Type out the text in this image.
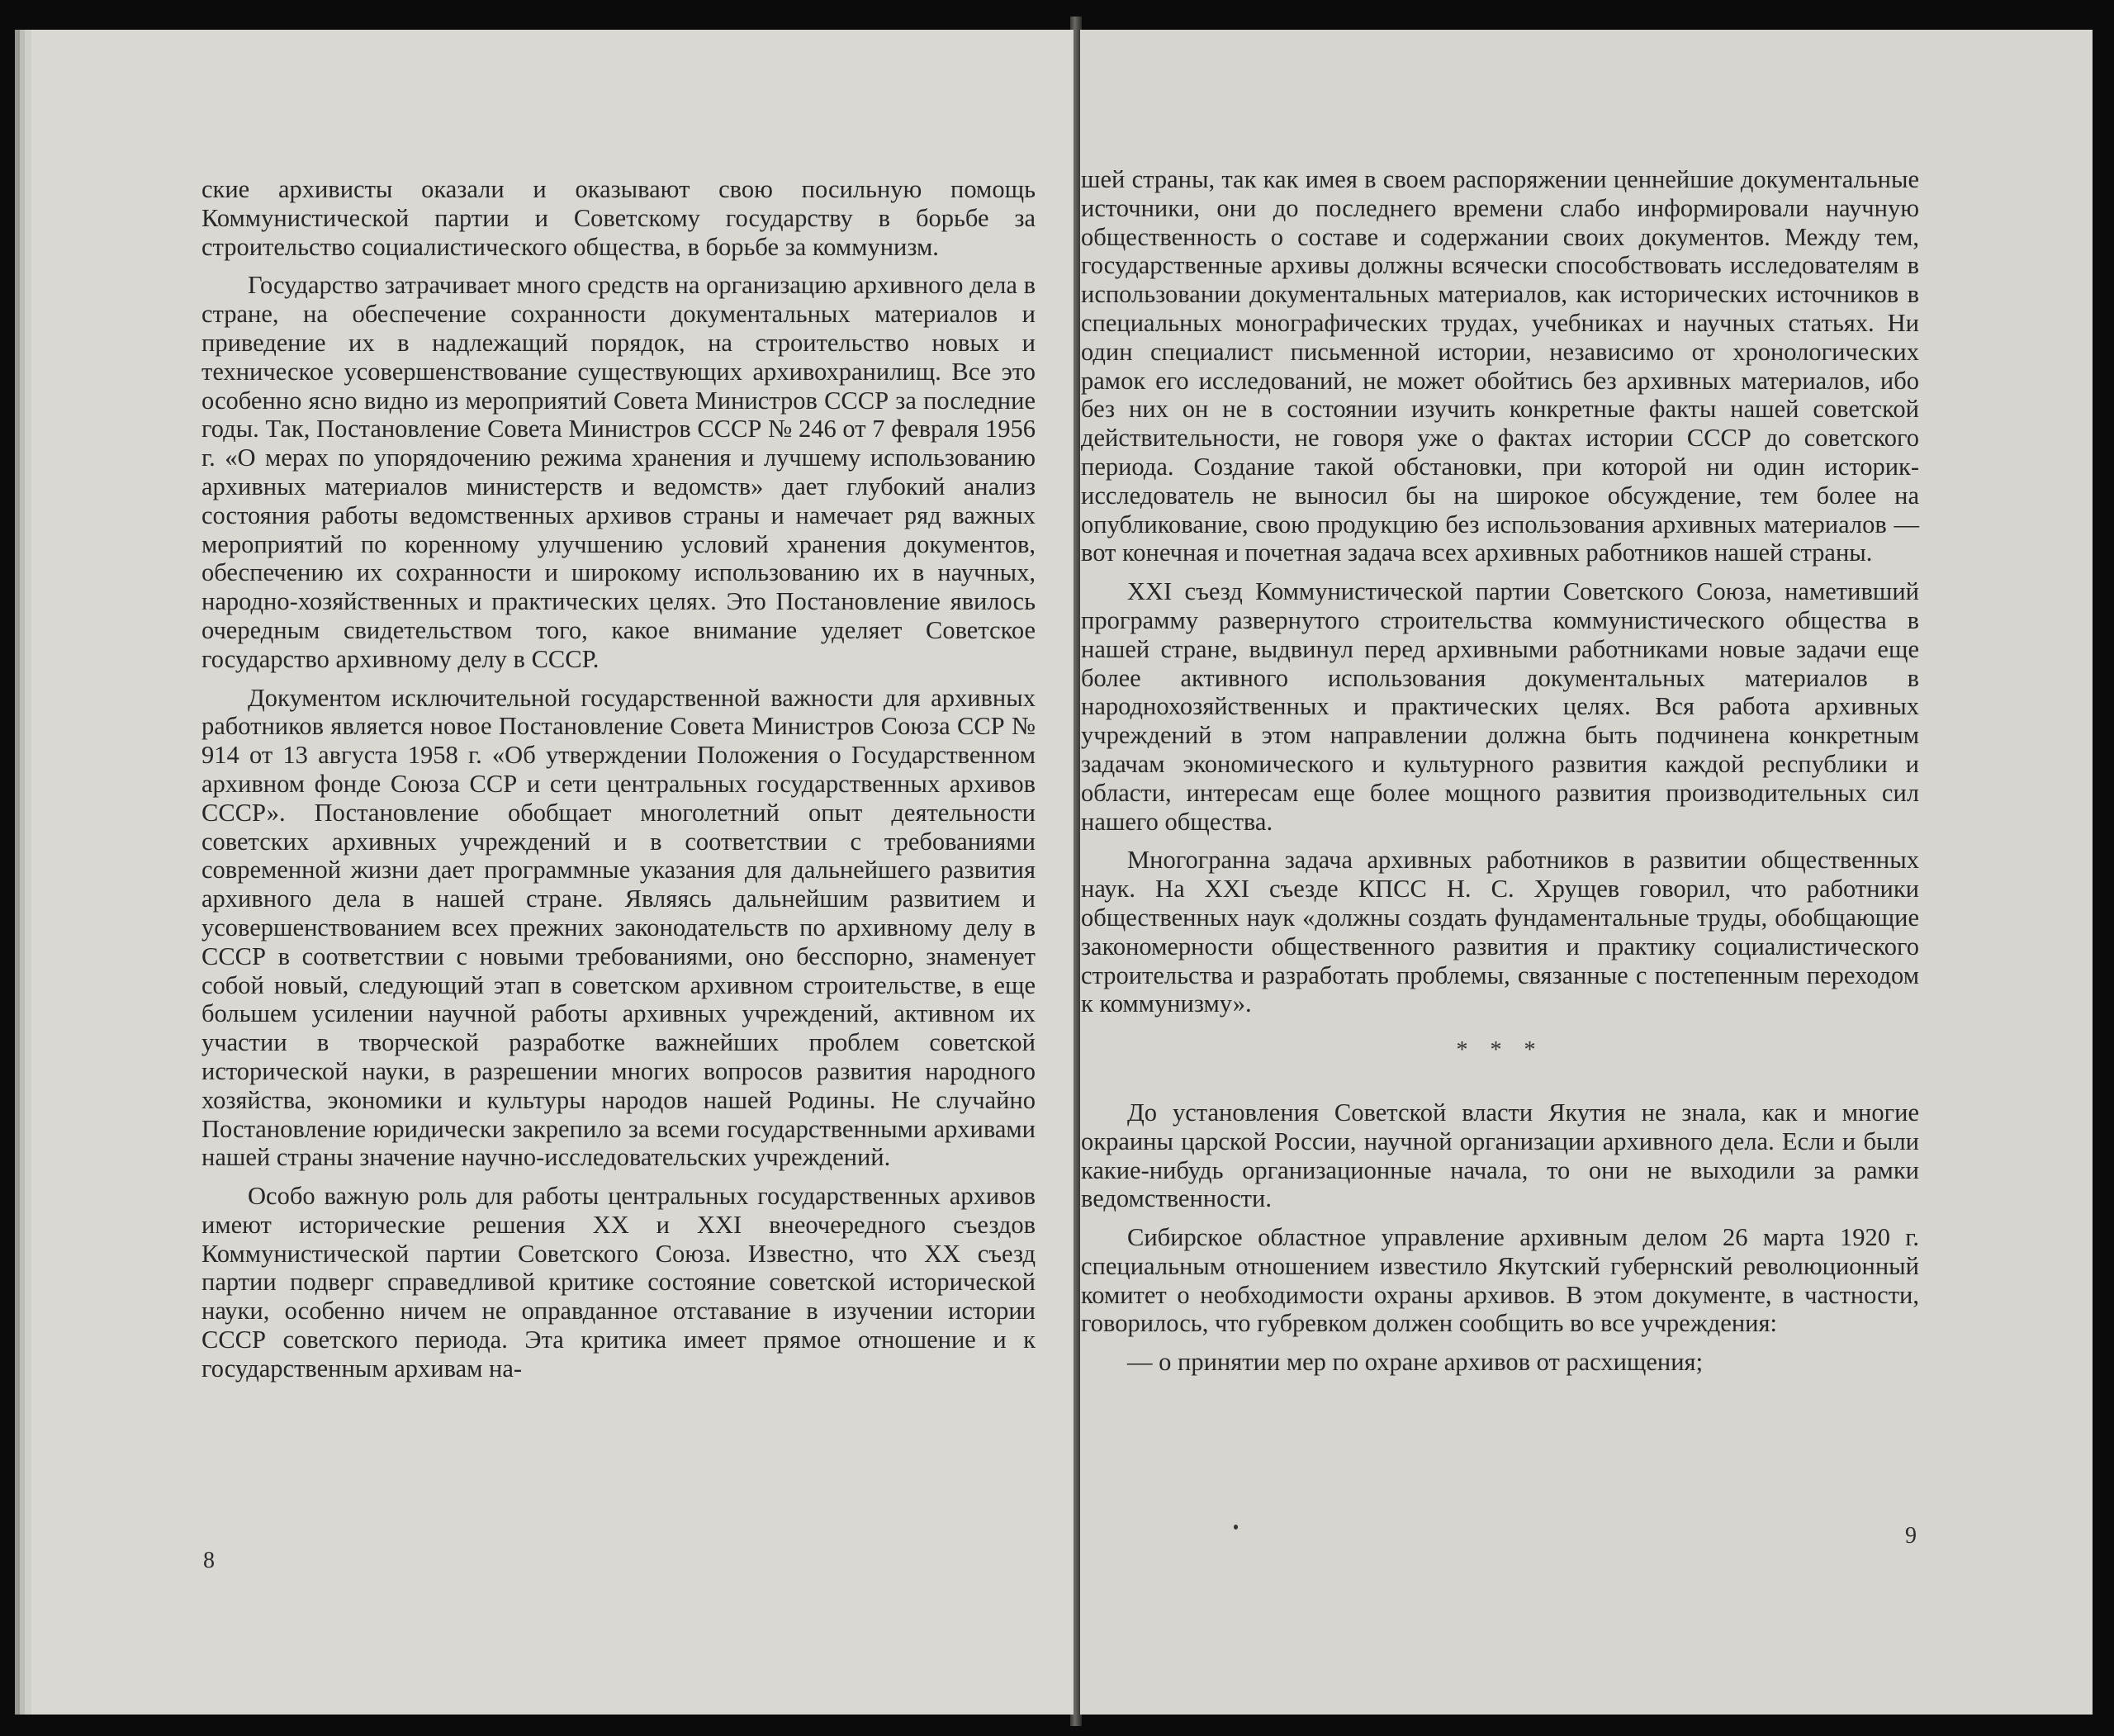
ские архивисты оказали и оказывают свою посильную помощь Коммунистической партии и Советскому государству в борьбе за строительство социалистического общества, в борьбе за коммунизм.

Государство затрачивает много средств на организацию архивного дела в стране, на обеспечение сохранности документальных материалов и приведение их в надлежащий порядок, на строительство новых и техническое усовершенствование существующих архивохранилищ. Все это особенно ясно видно из мероприятий Совета Министров СССР за последние годы. Так, Постановление Совета Министров СССР № 246 от 7 февраля 1956 г. «О мерах по упорядочению режима хранения и лучшему использованию архивных материалов министерств и ведомств» дает глубокий анализ состояния работы ведомственных архивов страны и намечает ряд важных мероприятий по коренному улучшению условий хранения документов, обеспечению их сохранности и широкому использованию их в научных, народно-хозяйственных и практических целях. Это Постановление явилось очередным свидетельством того, какое внимание уделяет Советское государство архивному делу в СССР.

Документом исключительной государственной важности для архивных работников является новое Постановление Совета Министров Союза ССР № 914 от 13 августа 1958 г. «Об утверждении Положения о Государственном архивном фонде Союза ССР и сети центральных государственных архивов СССР». Постановление обобщает многолетний опыт деятельности советских архивных учреждений и в соответствии с требованиями современной жизни дает программные указания для дальнейшего развития архивного дела в нашей стране. Являясь дальнейшим развитием и усовершенствованием всех прежних законодательств по архивному делу в СССР в соответствии с новыми требованиями, оно бесспорно, знаменует собой новый, следующий этап в советском архивном строительстве, в еще большем усилении научной работы архивных учреждений, активном их участии в творческой разработке важнейших проблем советской исторической науки, в разрешении многих вопросов развития народного хозяйства, экономики и культуры народов нашей Родины. Не случайно Постановление юридически закрепило за всеми государственными архивами нашей страны значение научно-исследовательских учреждений.

Особо важную роль для работы центральных государственных архивов имеют исторические решения XX и XXI внеочередного съездов Коммунистической партии Советского Союза. Известно, что XX съезд партии подверг справедливой критике состояние советской исторической науки, особенно ничем не оправданное отставание в изучении истории СССР советского периода. Эта критика имеет прямое отношение и к государственным архивам на-

8

шей страны, так как имея в своем распоряжении ценнейшие документальные источники, они до последнего времени слабо информировали научную общественность о составе и содержании своих документов. Между тем, государственные архивы должны всячески способствовать исследователям в использовании документальных материалов, как исторических источников в специальных монографических трудах, учебниках и научных статьях. Ни один специалист письменной истории, независимо от хронологических рамок его исследований, не может обойтись без архивных материалов, ибо без них он не в состоянии изучить конкретные факты нашей советской действительности, не говоря уже о фактах истории СССР до советского периода. Создание такой обстановки, при которой ни один историк-исследователь не выносил бы на широкое обсуждение, тем более на опубликование, свою продукцию без использования архивных материалов — вот конечная и почетная задача всех архивных работников нашей страны.

XXI съезд Коммунистической партии Советского Союза, наметивший программу развернутого строительства коммунистического общества в нашей стране, выдвинул перед архивными работниками новые задачи еще более активного использования документальных материалов в народнохозяйственных и практических целях. Вся работа архивных учреждений в этом направлении должна быть подчинена конкретным задачам экономического и культурного развития каждой республики и области, интересам еще более мощного развития производительных сил нашего общества.

Многогранна задача архивных работников в развитии общественных наук. На XXI съезде КПСС Н. С. Хрущев говорил, что работники общественных наук «должны создать фундаментальные труды, обобщающие закономерности общественного развития и практику социалистического строительства и разработать проблемы, связанные с постепенным переходом к коммунизму».

* * *

До установления Советской власти Якутия не знала, как и многие окраины царской России, научной организации архивного дела. Если и были какие-нибудь организационные начала, то они не выходили за рамки ведомственности.

Сибирское областное управление архивным делом 26 марта 1920 г. специальным отношением известило Якутский губернский революционный комитет о необходимости охраны архивов. В этом документе, в частности, говорилось, что губревком должен сообщить во все учреждения:

— о принятии мер по охране архивов от расхищения;

9
